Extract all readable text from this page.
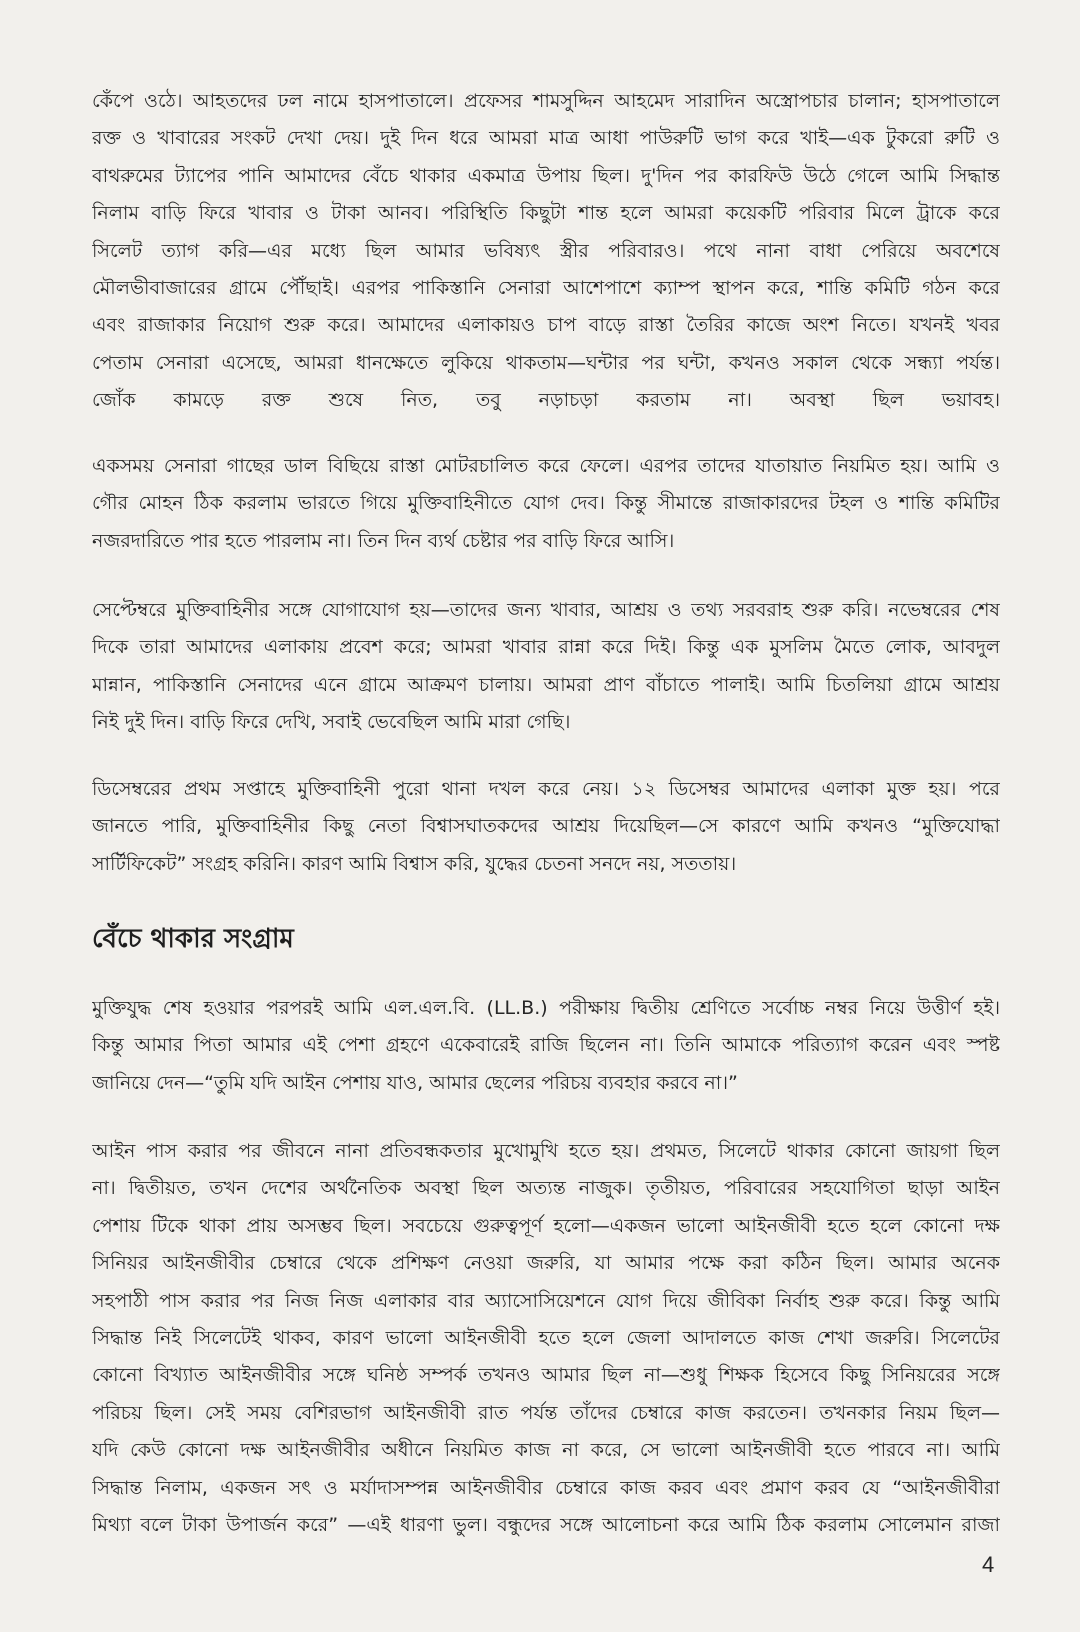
কেঁপে ওঠে। আহতদের ঢল নামে হাসপাতালে। প্রফেসর শামসুদ্দিন আহমেদ সারাদিন অস্ত্রোপচার চালান; হাসপাতালে
রক্ত ও খাবারের সংকট দেখা দেয়। দুই দিন ধরে আমরা মাত্র আধা পাউরুটি ভাগ করে খাই—এক টুকরো রুটি ও
বাথরুমের ট্যাপের পানি আমাদের বেঁচে থাকার একমাত্র উপায় ছিল। দু'দিন পর কারফিউ উঠে গেলে আমি সিদ্ধান্ত
নিলাম বাড়ি ফিরে খাবার ও টাকা আনব। পরিস্থিতি কিছুটা শান্ত হলে আমরা কয়েকটি পরিবার মিলে ট্রাকে করে
সিলেট ত্যাগ করি—এর মধ্যে ছিল আমার ভবিষ্যৎ স্ত্রীর পরিবারও। পথে নানা বাধা পেরিয়ে অবশেষে
মৌলভীবাজারের গ্রামে পৌঁছাই। এরপর পাকিস্তানি সেনারা আশেপাশে ক্যাম্প স্থাপন করে, শান্তি কমিটি গঠন করে
এবং রাজাকার নিয়োগ শুরু করে। আমাদের এলাকায়ও চাপ বাড়ে রাস্তা তৈরির কাজে অংশ নিতে। যখনই খবর
পেতাম সেনারা এসেছে, আমরা ধানক্ষেতে লুকিয়ে থাকতাম—ঘন্টার পর ঘন্টা, কখনও সকাল থেকে সন্ধ্যা পর্যন্ত।
জোঁক কামড়ে রক্ত শুষে নিত, তবু নড়াচড়া করতাম না। অবস্থা ছিল ভয়াবহ।
একসময় সেনারা গাছের ডাল বিছিয়ে রাস্তা মোটরচালিত করে ফেলে। এরপর তাদের যাতায়াত নিয়মিত হয়। আমি ও
গৌর মোহন ঠিক করলাম ভারতে গিয়ে মুক্তিবাহিনীতে যোগ দেব। কিন্তু সীমান্তে রাজাকারদের টহল ও শান্তি কমিটির
নজরদারিতে পার হতে পারলাম না। তিন দিন ব্যর্থ চেষ্টার পর বাড়ি ফিরে আসি।
সেপ্টেম্বরে মুক্তিবাহিনীর সঙ্গে যোগাযোগ হয়—তাদের জন্য খাবার, আশ্রয় ও তথ্য সরবরাহ শুরু করি। নভেম্বরের শেষ
দিকে তারা আমাদের এলাকায় প্রবেশ করে; আমরা খাবার রান্না করে দিই। কিন্তু এক মুসলিম মৈতে লোক, আবদুল
মান্নান, পাকিস্তানি সেনাদের এনে গ্রামে আক্রমণ চালায়। আমরা প্রাণ বাঁচাতে পালাই। আমি চিতলিয়া গ্রামে আশ্রয়
নিই দুই দিন। বাড়ি ফিরে দেখি, সবাই ভেবেছিল আমি মারা গেছি।
ডিসেম্বরের প্রথম সপ্তাহে মুক্তিবাহিনী পুরো থানা দখল করে নেয়। ১২ ডিসেম্বর আমাদের এলাকা মুক্ত হয়। পরে
জানতে পারি, মুক্তিবাহিনীর কিছু নেতা বিশ্বাসঘাতকদের আশ্রয় দিয়েছিল—সে কারণে আমি কখনও “মুক্তিযোদ্ধা
সার্টিফিকেট” সংগ্রহ করিনি। কারণ আমি বিশ্বাস করি, যুদ্ধের চেতনা সনদে নয়, সততায়।
বেঁচে থাকার সংগ্রাম
মুক্তিযুদ্ধ শেষ হওয়ার পরপরই আমি এল.এল.বি. (LL.B.) পরীক্ষায় দ্বিতীয় শ্রেণিতে সর্বোচ্চ নম্বর নিয়ে উত্তীর্ণ হই।
কিন্তু আমার পিতা আমার এই পেশা গ্রহণে একেবারেই রাজি ছিলেন না। তিনি আমাকে পরিত্যাগ করেন এবং স্পষ্ট
জানিয়ে দেন—“তুমি যদি আইন পেশায় যাও, আমার ছেলের পরিচয় ব্যবহার করবে না।”
আইন পাস করার পর জীবনে নানা প্রতিবন্ধকতার মুখোমুখি হতে হয়। প্রথমত, সিলেটে থাকার কোনো জায়গা ছিল
না। দ্বিতীয়ত, তখন দেশের অর্থনৈতিক অবস্থা ছিল অত্যন্ত নাজুক। তৃতীয়ত, পরিবারের সহযোগিতা ছাড়া আইন
পেশায় টিকে থাকা প্রায় অসম্ভব ছিল। সবচেয়ে গুরুত্বপূর্ণ হলো—একজন ভালো আইনজীবী হতে হলে কোনো দক্ষ
সিনিয়র আইনজীবীর চেম্বারে থেকে প্রশিক্ষণ নেওয়া জরুরি, যা আমার পক্ষে করা কঠিন ছিল। আমার অনেক
সহপাঠী পাস করার পর নিজ নিজ এলাকার বার অ্যাসোসিয়েশনে যোগ দিয়ে জীবিকা নির্বাহ শুরু করে। কিন্তু আমি
সিদ্ধান্ত নিই সিলেটেই থাকব, কারণ ভালো আইনজীবী হতে হলে জেলা আদালতে কাজ শেখা জরুরি। সিলেটের
কোনো বিখ্যাত আইনজীবীর সঙ্গে ঘনিষ্ঠ সম্পর্ক তখনও আমার ছিল না—শুধু শিক্ষক হিসেবে কিছু সিনিয়রের সঙ্গে
পরিচয় ছিল। সেই সময় বেশিরভাগ আইনজীবী রাত পর্যন্ত তাঁদের চেম্বারে কাজ করতেন। তখনকার নিয়ম ছিল—
যদি কেউ কোনো দক্ষ আইনজীবীর অধীনে নিয়মিত কাজ না করে, সে ভালো আইনজীবী হতে পারবে না। আমি
সিদ্ধান্ত নিলাম, একজন সৎ ও মর্যাদাসম্পন্ন আইনজীবীর চেম্বারে কাজ করব এবং প্রমাণ করব যে “আইনজীবীরা
মিথ্যা বলে টাকা উপার্জন করে” —এই ধারণা ভুল। বন্ধুদের সঙ্গে আলোচনা করে আমি ঠিক করলাম সোলেমান রাজা
4
